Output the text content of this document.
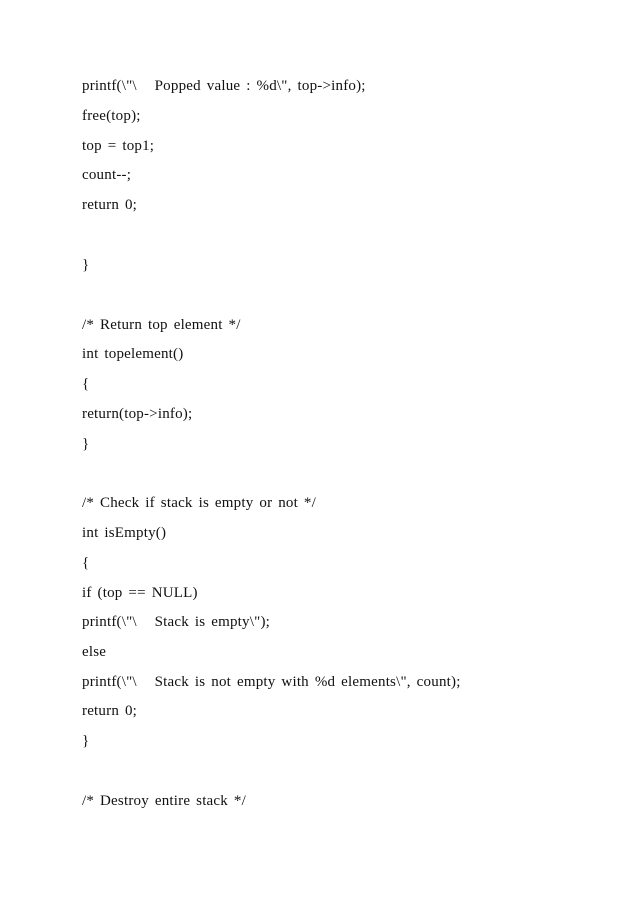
printf(\"\   Popped value : %d\", top->info);

free(top);

top = top1;

count--;

return 0;

}

/* Return top element */

int topelement()

{

return(top->info);

}

/* Check if stack is empty or not */

int isEmpty()

{

if (top == NULL)

printf(\"\   Stack is empty\");

else

printf(\"\   Stack is not empty with %d elements\", count);

return 0;

}

/* Destroy entire stack */
